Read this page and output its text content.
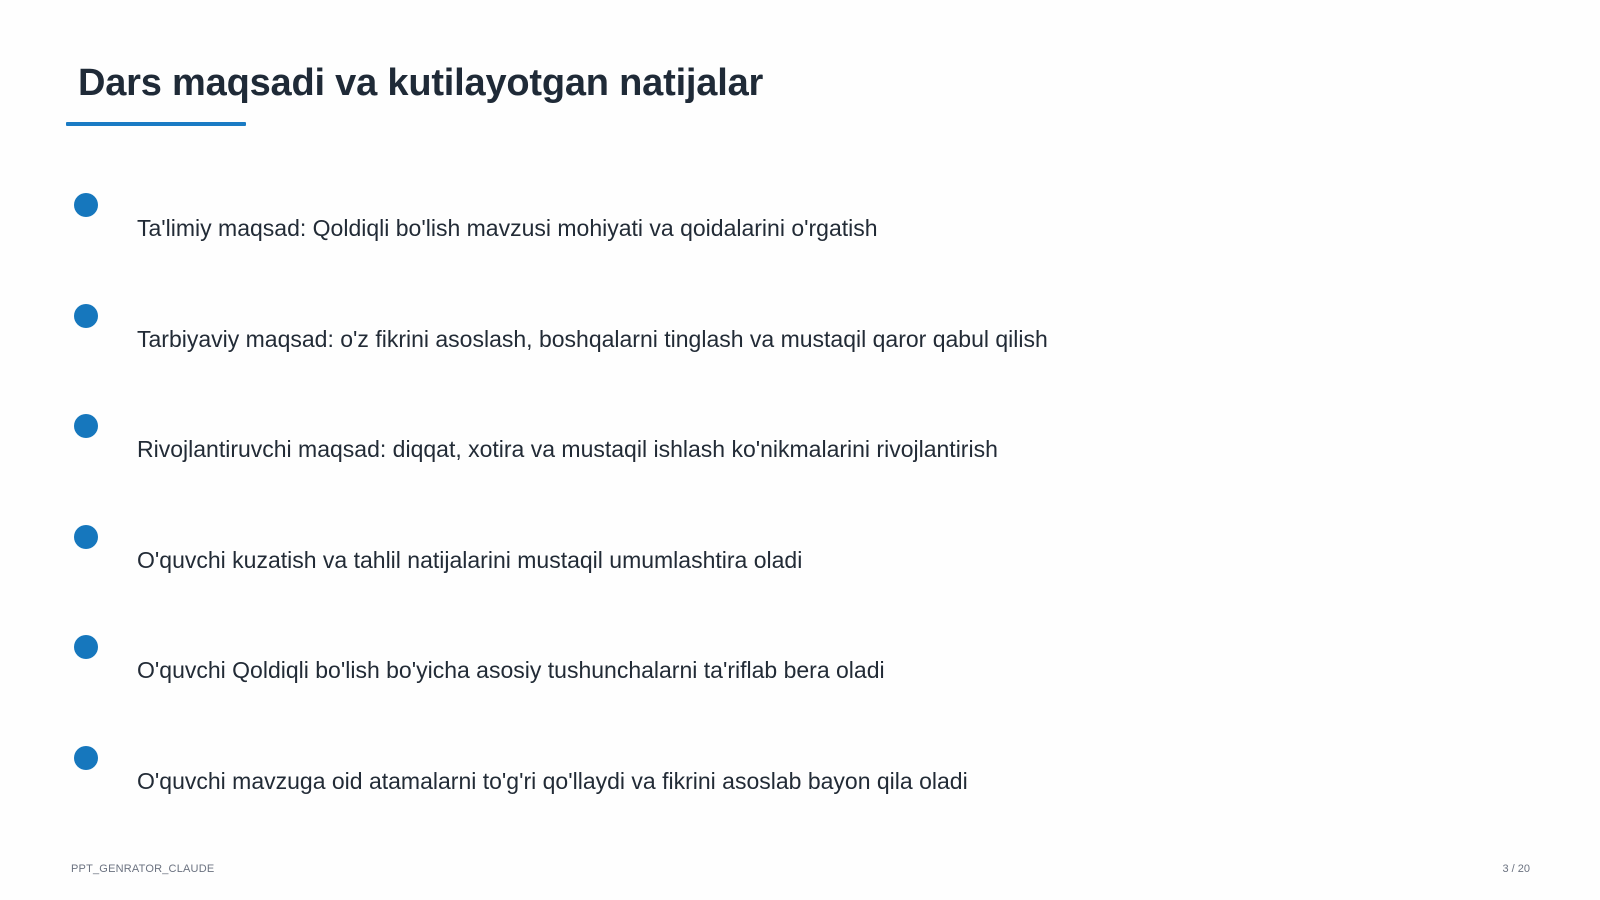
Dars maqsadi va kutilayotgan natijalar
Ta'limiy maqsad: Qoldiqli bo'lish mavzusi mohiyati va qoidalarini o'rgatish
Tarbiyaviy maqsad: o'z fikrini asoslash, boshqalarni tinglash va mustaqil qaror qabul qilish
Rivojlantiruvchi maqsad: diqqat, xotira va mustaqil ishlash ko'nikmalarini rivojlantirish
O'quvchi kuzatish va tahlil natijalarini mustaqil umumlashtira oladi
O'quvchi Qoldiqli bo'lish bo'yicha asosiy tushunchalarni ta'riflab bera oladi
O'quvchi mavzuga oid atamalarni to'g'ri qo'llaydi va fikrini asoslab bayon qila oladi
PPT_GENRATOR_CLAUDE	3 / 20
